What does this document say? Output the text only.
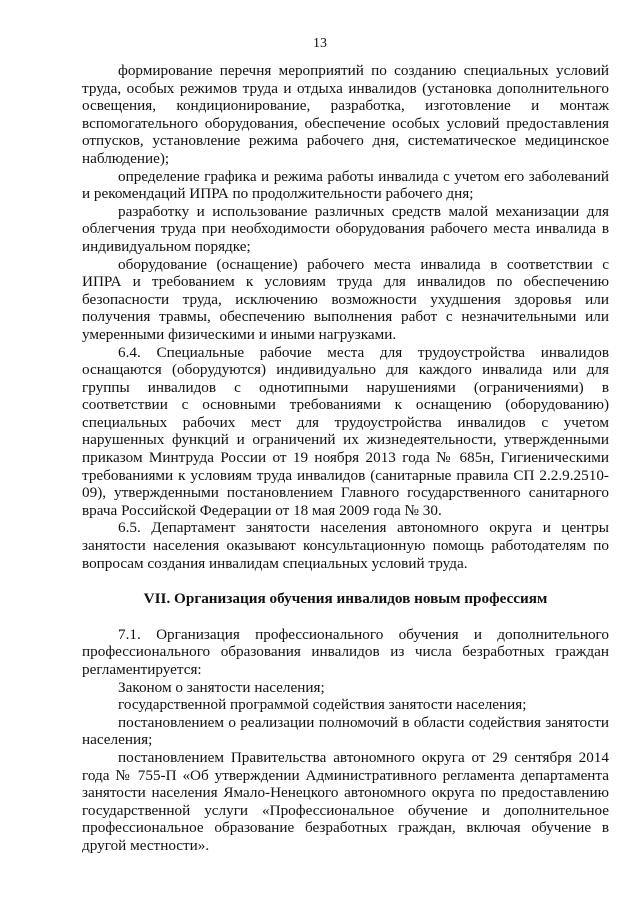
13

формирование перечня мероприятий по созданию специальных условий труда, особых режимов труда и отдыха инвалидов (установка дополнительного освещения, кондиционирование, разработка, изготовление и монтаж вспомогательного оборудования, обеспечение особых условий предоставления отпусков, установление режима рабочего дня, систематическое медицинское наблюдение);

определение графика и режима работы инвалида с учетом его заболеваний и рекомендаций ИПРА по продолжительности рабочего дня;

разработку и использование различных средств малой механизации для облегчения труда при необходимости оборудования рабочего места инвалида в индивидуальном порядке;

оборудование (оснащение) рабочего места инвалида в соответствии с ИПРА и требованием к условиям труда для инвалидов по обеспечению безопасности труда, исключению возможности ухудшения здоровья или получения травмы, обеспечению выполнения работ с незначительными или умеренными физическими и иными нагрузками.

6.4. Специальные рабочие места для трудоустройства инвалидов оснащаются (оборудуются) индивидуально для каждого инвалида или для группы инвалидов с однотипными нарушениями (ограничениями) в соответствии с основными требованиями к оснащению (оборудованию) специальных рабочих мест для трудоустройства инвалидов с учетом нарушенных функций и ограничений их жизнедеятельности, утвержденными приказом Минтруда России от 19 ноября 2013 года № 685н, Гигиеническими требованиями к условиям труда инвалидов (санитарные правила СП 2.2.9.2510-09), утвержденными постановлением Главного государственного санитарного врача Российской Федерации от 18 мая 2009 года № 30.

6.5. Департамент занятости населения автономного округа и центры занятости населения оказывают консультационную помощь работодателям по вопросам создания инвалидам специальных условий труда.

VII. Организация обучения инвалидов новым профессиям

7.1. Организация профессионального обучения и дополнительного профессионального образования инвалидов из числа безработных граждан регламентируется:

Законом о занятости населения;

государственной программой содействия занятости населения;

постановлением о реализации полномочий в области содействия занятости населения;

постановлением Правительства автономного округа от 29 сентября 2014 года № 755-П «Об утверждении Административного регламента департамента занятости населения Ямало-Ненецкого автономного округа по предоставлению государственной услуги «Профессиональное обучение и дополнительное профессиональное образование безработных граждан, включая обучение в другой местности».
